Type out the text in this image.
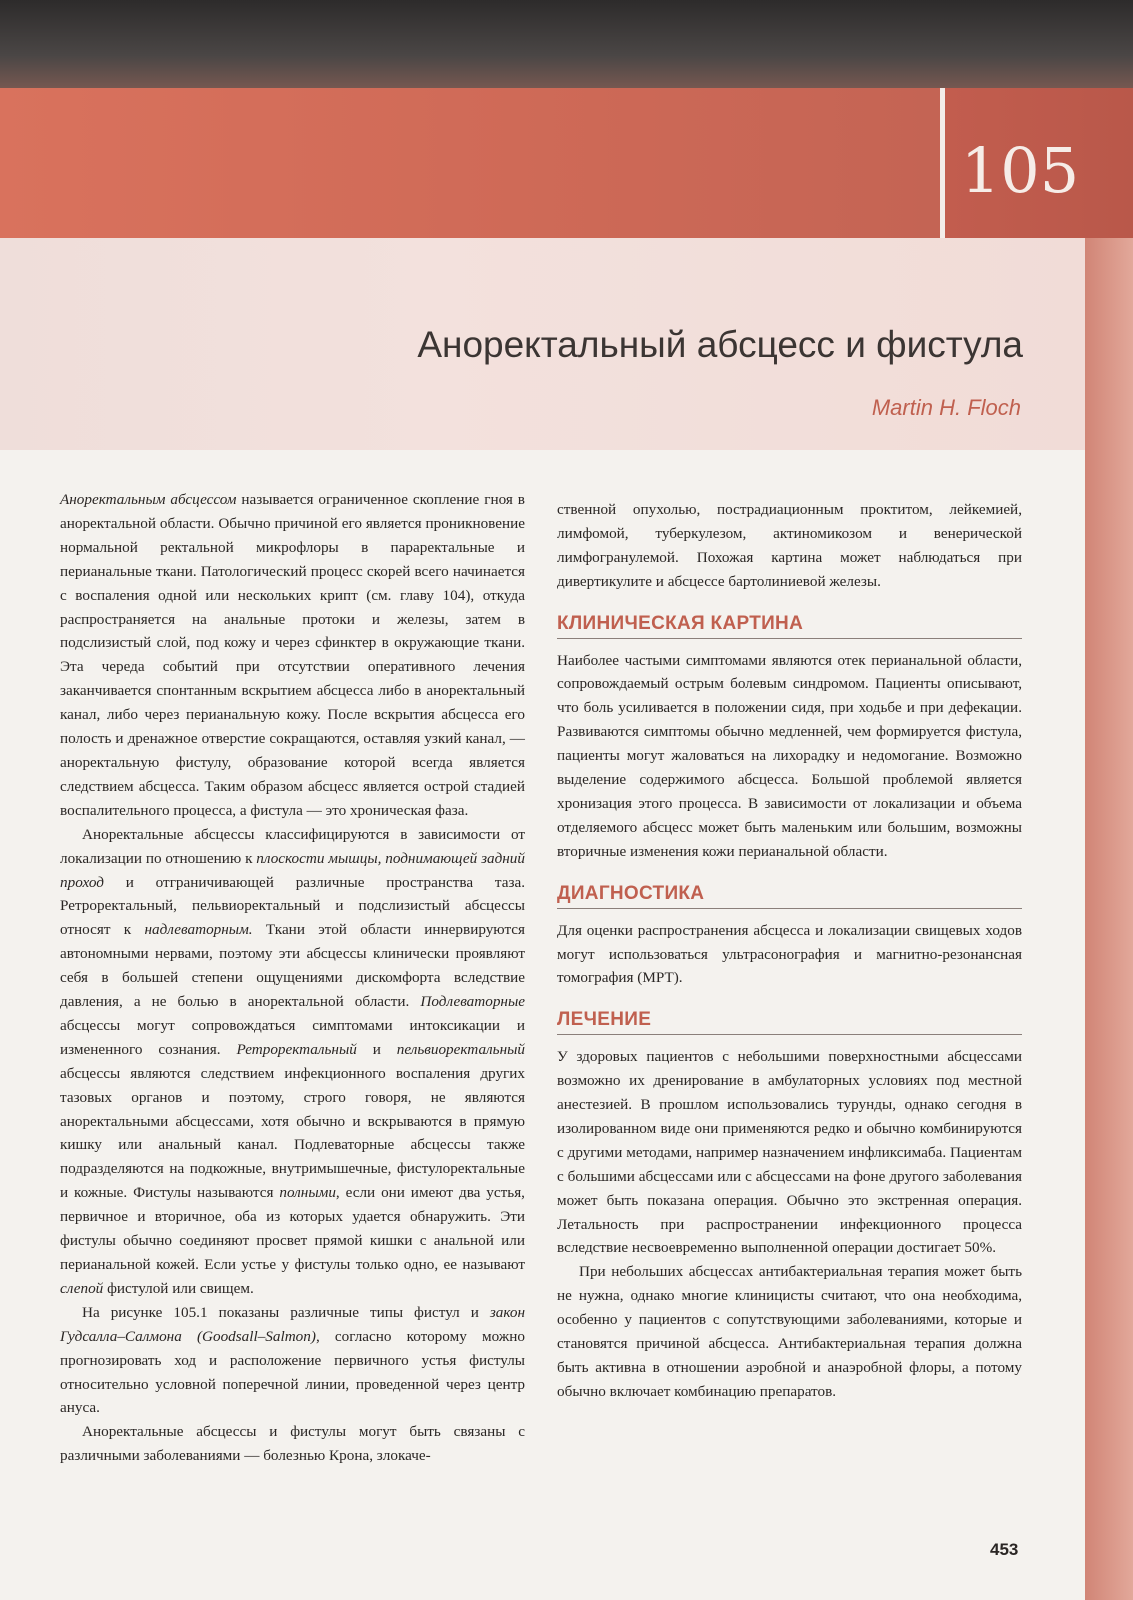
105
Аноректальный абсцесс и фистула
Martin H. Floch

Аноректальным абсцессом называется ограниченное скопление гноя в аноректальной области. Обычно причиной его является проникновение нормальной ректальной микрофлоры в параректальные и перианальные ткани. Патологический процесс скорей всего начинается с воспаления одной или нескольких крипт (см. главу 104), откуда распространяется на анальные протоки и железы, затем в подслизистый слой, под кожу и через сфинктер в окружающие ткани. Эта череда событий при отсутствии оперативного лечения заканчивается спонтанным вскрытием абсцесса либо в аноректальный канал, либо через перианальную кожу. После вскрытия абсцесса его полость и дренажное отверстие сокращаются, оставляя узкий канал, — аноректальную фистулу, образование которой всегда является следствием абсцесса. Таким образом абсцесс является острой стадией воспалительного процесса, а фистула — это хроническая фаза.

Аноректальные абсцессы классифицируются в зависимости от локализации по отношению к плоскости мышцы, поднимающей задний проход и отграничивающей различные пространства таза. Ретроректальный, пельвиоректальный и подслизистый абсцессы относят к надлеваторным. Ткани этой области иннервируются автономными нервами, поэтому эти абсцессы клинически проявляют себя в большей степени ощущениями дискомфорта вследствие давления, а не болью в аноректальной области. Подлеваторные абсцессы могут сопровождаться симптомами интоксикации и измененного сознания. Ретроректальный и пельвиоректальный абсцессы являются следствием инфекционного воспаления других тазовых органов и поэтому, строго говоря, не являются аноректальными абсцессами, хотя обычно и вскрываются в прямую кишку или анальный канал. Подлеваторные абсцессы также подразделяются на подкожные, внутримышечные, фистулоректальные и кожные. Фистулы называются полными, если они имеют два устья, первичное и вторичное, оба из которых удается обнаружить. Эти фистулы обычно соединяют просвет прямой кишки с анальной или перианальной кожей. Если устье у фистулы только одно, ее называют слепой фистулой или свищем.

На рисунке 105.1 показаны различные типы фистул и закон Гудсалла–Салмона (Goodsall–Salmon), согласно которому можно прогнозировать ход и расположение первичного устья фистулы относительно условной поперечной линии, проведенной через центр ануса.

Аноректальные абсцессы и фистулы могут быть связаны с различными заболеваниями — болезнью Крона, злокаче-

ственной опухолью, пострадиационным проктитом, лейкемией, лимфомой, туберкулезом, актиномикозом и венерической лимфогранулемой. Похожая картина может наблюдаться при дивертикулите и абсцессе бартолиниевой железы.

КЛИНИЧЕСКАЯ КАРТИНА

Наиболее частыми симптомами являются отек перианальной области, сопровождаемый острым болевым синдромом. Пациенты описывают, что боль усиливается в положении сидя, при ходьбе и при дефекации. Развиваются симптомы обычно медленней, чем формируется фистула, пациенты могут жаловаться на лихорадку и недомогание. Возможно выделение содержимого абсцесса. Большой проблемой является хронизация этого процесса. В зависимости от локализации и объема отделяемого абсцесс может быть маленьким или большим, возможны вторичные изменения кожи перианальной области.

ДИАГНОСТИКА

Для оценки распространения абсцесса и локализации свищевых ходов могут использоваться ультрасонография и магнитно-резонансная томография (МРТ).

ЛЕЧЕНИЕ

У здоровых пациентов с небольшими поверхностными абсцессами возможно их дренирование в амбулаторных условиях под местной анестезией. В прошлом использовались турунды, однако сегодня в изолированном виде они применяются редко и обычно комбинируются с другими методами, например назначением инфликсимаба. Пациентам с большими абсцессами или с абсцессами на фоне другого заболевания может быть показана операция. Обычно это экстренная операция. Летальность при распространении инфекционного процесса вследствие несвоевременно выполненной операции достигает 50%.

При небольших абсцессах антибактериальная терапия может быть не нужна, однако многие клиницисты считают, что она необходима, особенно у пациентов с сопутствующими заболеваниями, которые и становятся причиной абсцесса. Антибактериальная терапия должна быть активна в отношении аэробной и анаэробной флоры, а потому обычно включает комбинацию препаратов.

453
